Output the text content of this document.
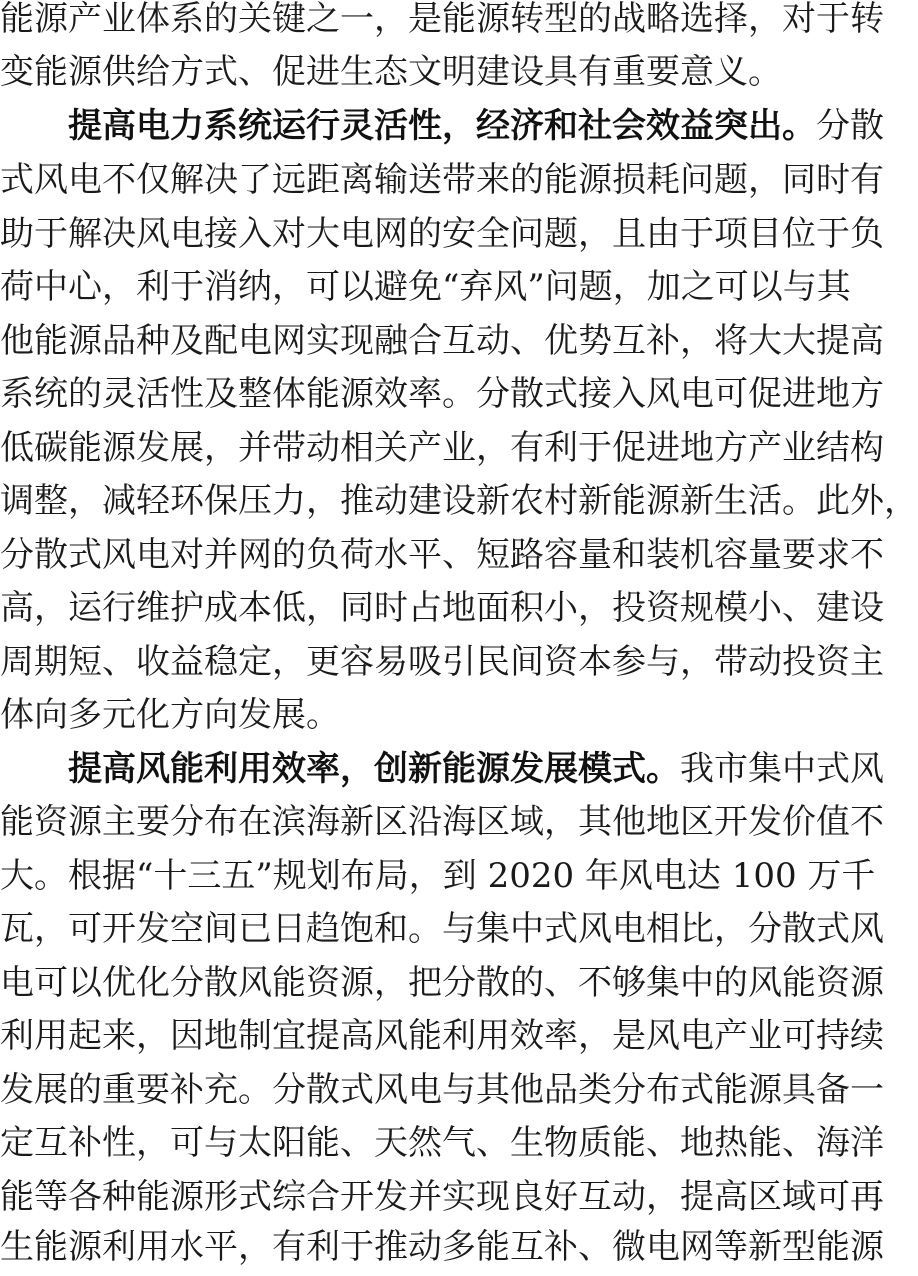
能源产业体系的关键之一，是能源转型的战略选择，对于转
变能源供给方式、促进生态文明建设具有重要意义。
提高电力系统运行灵活性，经济和社会效益突出。分散
式风电不仅解决了远距离输送带来的能源损耗问题，同时有
助于解决风电接入对大电网的安全问题，且由于项目位于负
荷中心，利于消纳，可以避免“弃风”问题，加之可以与其
他能源品种及配电网实现融合互动、优势互补，将大大提高
系统的灵活性及整体能源效率。分散式接入风电可促进地方
低碳能源发展，并带动相关产业，有利于促进地方产业结构
调整，减轻环保压力，推动建设新农村新能源新生活。此外，
分散式风电对并网的负荷水平、短路容量和装机容量要求不
高，运行维护成本低，同时占地面积小，投资规模小、建设
周期短、收益稳定，更容易吸引民间资本参与，带动投资主
体向多元化方向发展。
提高风能利用效率，创新能源发展模式。我市集中式风
能资源主要分布在滨海新区沿海区域，其他地区开发价值不
大。根据“十三五”规划布局，到 2020 年风电达 100 万千
瓦，可开发空间已日趋饱和。与集中式风电相比，分散式风
电可以优化分散风能资源，把分散的、不够集中的风能资源
利用起来，因地制宜提高风能利用效率，是风电产业可持续
发展的重要补充。分散式风电与其他品类分布式能源具备一
定互补性，可与太阳能、天然气、生物质能、地热能、海洋
能等各种能源形式综合开发并实现良好互动，提高区域可再
生能源利用水平，有利于推动多能互补、微电网等新型能源
